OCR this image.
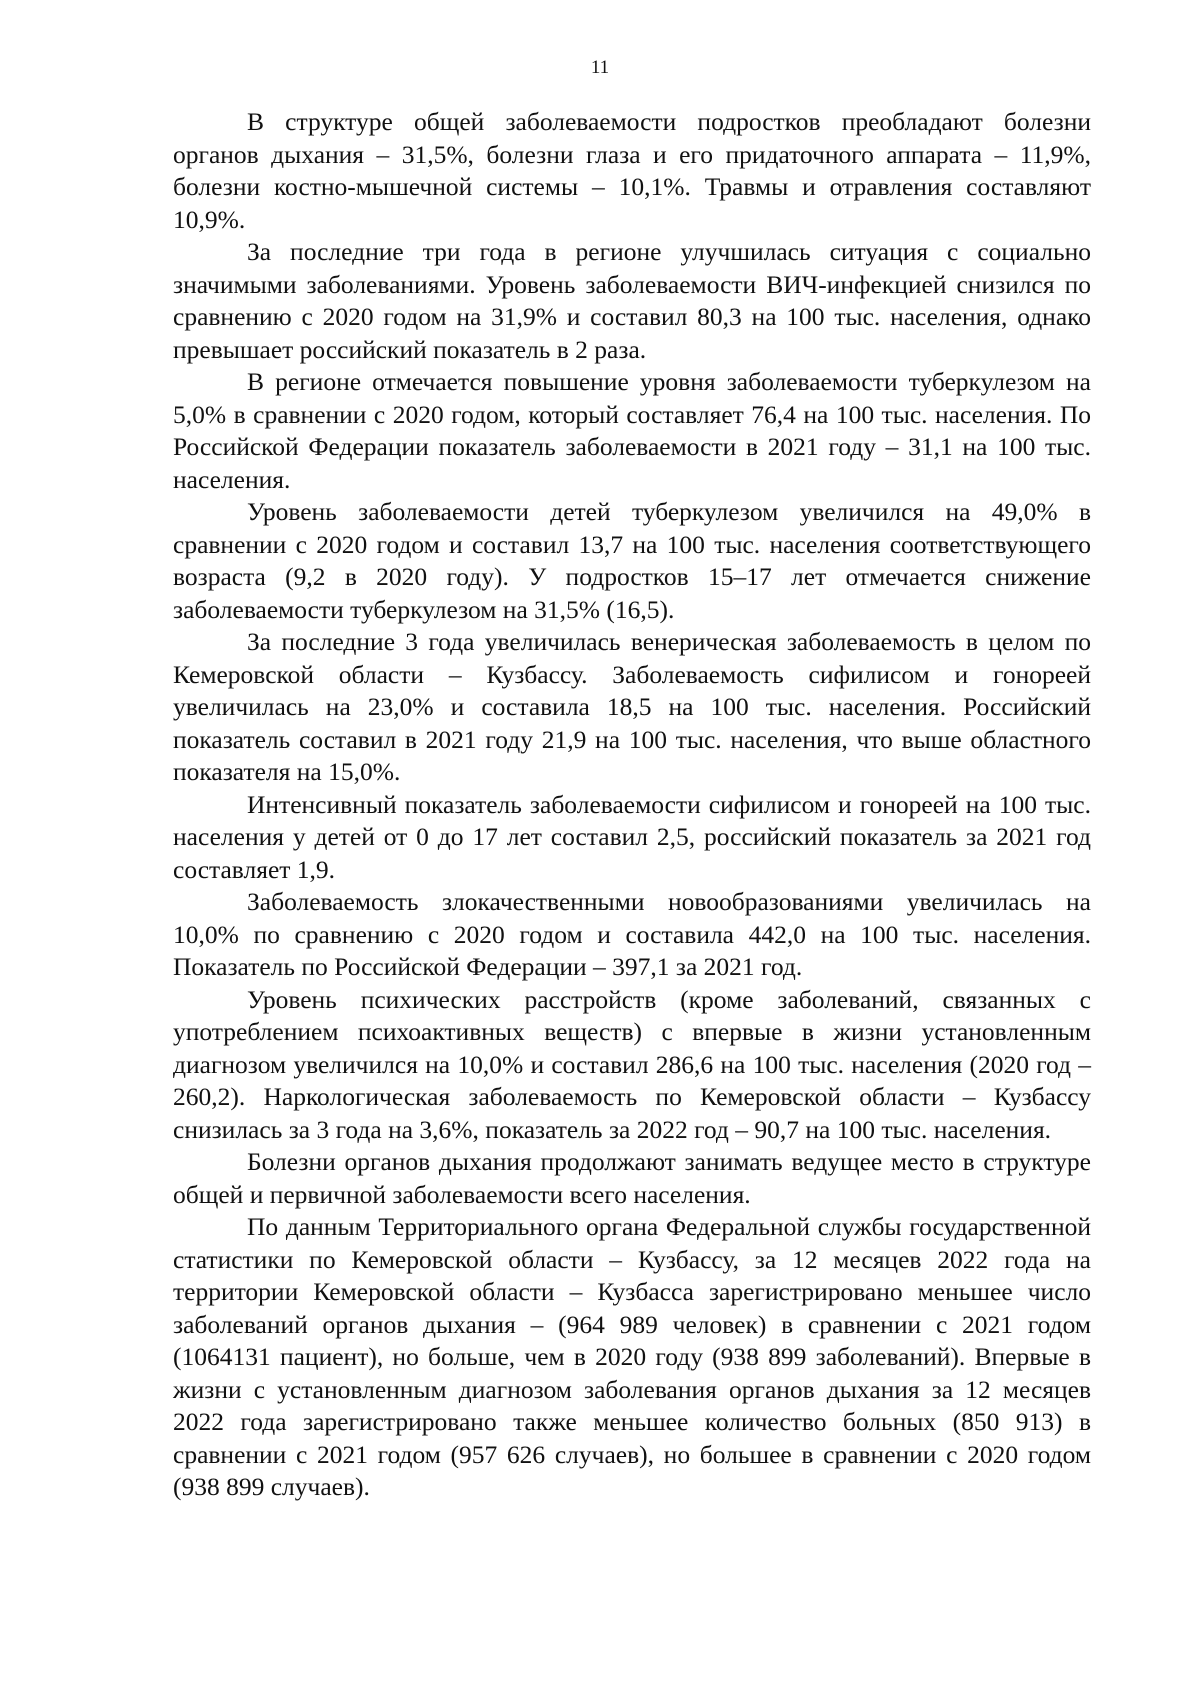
11

В структуре общей заболеваемости подростков преобладают болезни органов дыхания – 31,5%, болезни глаза и его придаточного аппарата – 11,9%, болезни костно-мышечной системы – 10,1%. Травмы и отравления составляют 10,9%.

За последние три года в регионе улучшилась ситуация с социально значимыми заболеваниями. Уровень заболеваемости ВИЧ-инфекцией снизился по сравнению с 2020 годом на 31,9% и составил 80,3 на 100 тыс. населения, однако превышает российский показатель в 2 раза.

В регионе отмечается повышение уровня заболеваемости туберкулезом на 5,0% в сравнении с 2020 годом, который составляет 76,4 на 100 тыс. населения. По Российской Федерации показатель заболеваемости в 2021 году – 31,1 на 100 тыс. населения.

Уровень заболеваемости детей туберкулезом увеличился на 49,0% в сравнении с 2020 годом и составил 13,7 на 100 тыс. населения соответствующего возраста (9,2 в 2020 году). У подростков 15–17 лет отмечается снижение заболеваемости туберкулезом на 31,5% (16,5).

За последние 3 года увеличилась венерическая заболеваемость в целом по Кемеровской области – Кузбассу. Заболеваемость сифилисом и гонореей увеличилась на 23,0% и составила 18,5 на 100 тыс. населения. Российский показатель составил в 2021 году 21,9 на 100 тыс. населения, что выше областного показателя на 15,0%.

Интенсивный показатель заболеваемости сифилисом и гонореей на 100 тыс. населения у детей от 0 до 17 лет составил 2,5, российский показатель за 2021 год составляет 1,9.

Заболеваемость злокачественными новообразованиями увеличилась на 10,0% по сравнению с 2020 годом и составила 442,0 на 100 тыс. населения. Показатель по Российской Федерации – 397,1 за 2021 год.

Уровень психических расстройств (кроме заболеваний, связанных с употреблением психоактивных веществ) с впервые в жизни установленным диагнозом увеличился на 10,0% и составил 286,6 на 100 тыс. населения (2020 год – 260,2). Наркологическая заболеваемость по Кемеровской области – Кузбассу снизилась за 3 года на 3,6%, показатель за 2022 год – 90,7 на 100 тыс. населения.

Болезни органов дыхания продолжают занимать ведущее место в структуре общей и первичной заболеваемости всего населения.

По данным Территориального органа Федеральной службы государственной статистики по Кемеровской области – Кузбассу, за 12 месяцев 2022 года на территории Кемеровской области – Кузбасса зарегистрировано меньшее число заболеваний органов дыхания – (964 989 человек) в сравнении с 2021 годом (1064131 пациент), но больше, чем в 2020 году (938 899 заболеваний). Впервые в жизни с установленным диагнозом заболевания органов дыхания за 12 месяцев 2022 года зарегистрировано также меньшее количество больных (850 913) в сравнении с 2021 годом (957 626 случаев), но большее в сравнении с 2020 годом (938 899 случаев).
